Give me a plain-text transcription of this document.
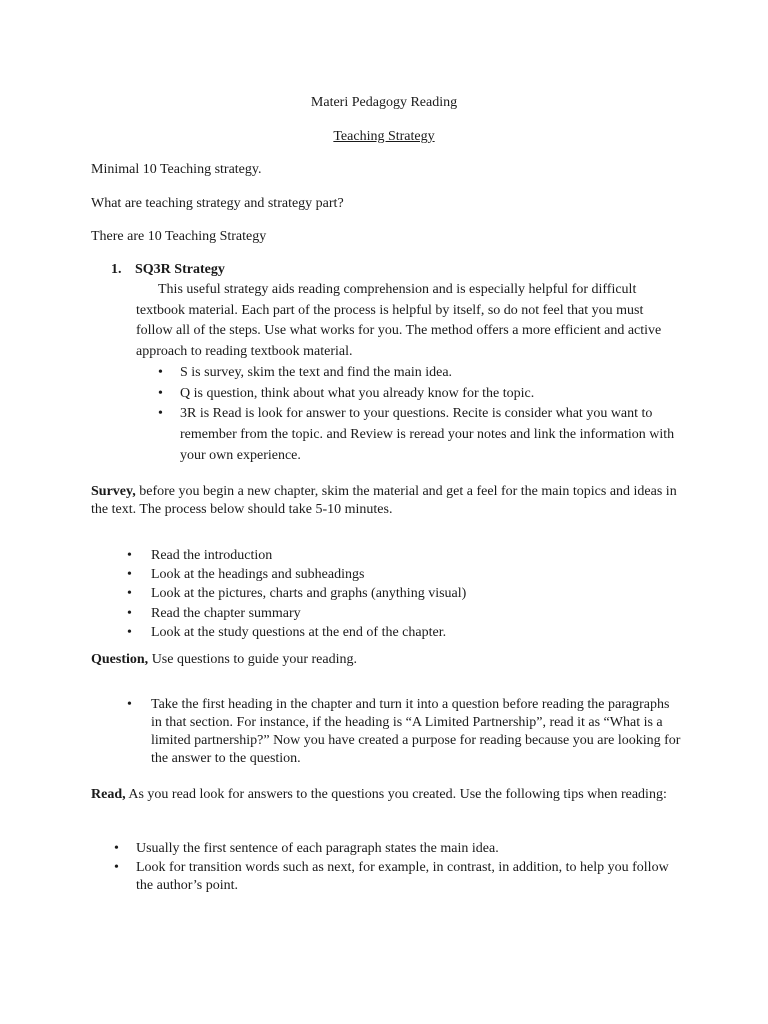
Materi Pedagogy Reading
Teaching Strategy
Minimal 10 Teaching strategy.
What are teaching strategy and strategy part?
There are 10 Teaching Strategy
1. SQ3R Strategy
This useful strategy aids reading comprehension and is especially helpful for difficult textbook material. Each part of the process is helpful by itself, so do not feel that you must follow all of the steps. Use what works for you. The method offers a more efficient and active approach to reading textbook material.
• S is survey, skim the text and find the main idea.
• Q is question, think about what you already know for the topic.
• 3R is Read is look for answer to your questions. Recite is consider what you want to remember from the topic. and Review is reread your notes and link the information with your own experience.
Survey, before you begin a new chapter, skim the material and get a feel for the main topics and ideas in the text. The process below should take 5-10 minutes.
• Read the introduction
• Look at the headings and subheadings
• Look at the pictures, charts and graphs (anything visual)
• Read the chapter summary
• Look at the study questions at the end of the chapter.
Question, Use questions to guide your reading.
• Take the first heading in the chapter and turn it into a question before reading the paragraphs in that section. For instance, if the heading is “A Limited Partnership”, read it as “What is a limited partnership?” Now you have created a purpose for reading because you are looking for the answer to the question.
Read, As you read look for answers to the questions you created. Use the following tips when reading:
• Usually the first sentence of each paragraph states the main idea.
• Look for transition words such as next, for example, in contrast, in addition, to help you follow the author’s point.
